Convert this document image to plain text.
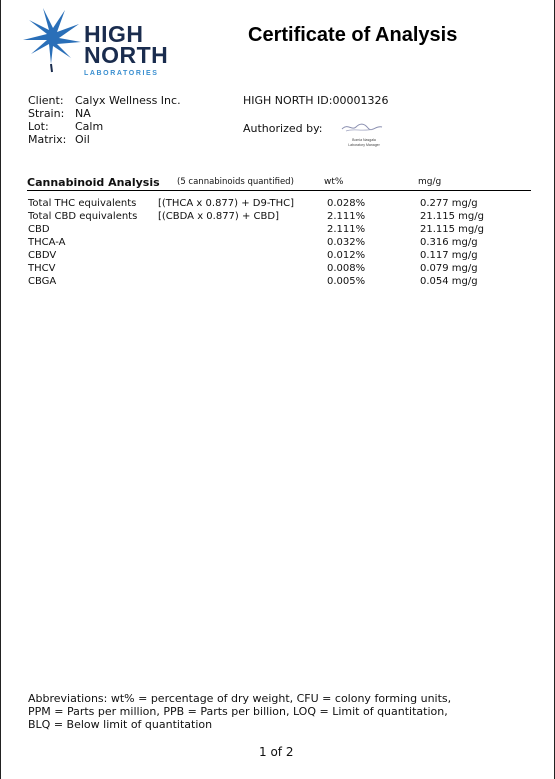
HIGH
NORTH
LABORATORIES
Certificate of Analysis
Client: Calyx Wellness Inc.
Strain: NA
Lot: Calm
Matrix: Oil
HIGH NORTH ID:00001326
Authorized by:
Bomia Nasgala
Laboratory Manager
Cannabinoid Analysis (5 cannabinoids quantified)	wt%	mg/g
Total THC equivalents [(THCA x 0.877) + D9-THC]	0.028%	0.277 mg/g
Total CBD equivalents [(CBDA x 0.877) + CBD]	2.111%	21.115 mg/g
CBD	2.111%	21.115 mg/g
THCA-A	0.032%	0.316 mg/g
CBDV	0.012%	0.117 mg/g
THCV	0.008%	0.079 mg/g
CBGA	0.005%	0.054 mg/g
Abbreviations: wt% = percentage of dry weight, CFU = colony forming units,
PPM = Parts per million, PPB = Parts per billion, LOQ = Limit of quantitation,
BLQ = Below limit of quantitation
1 of 2
